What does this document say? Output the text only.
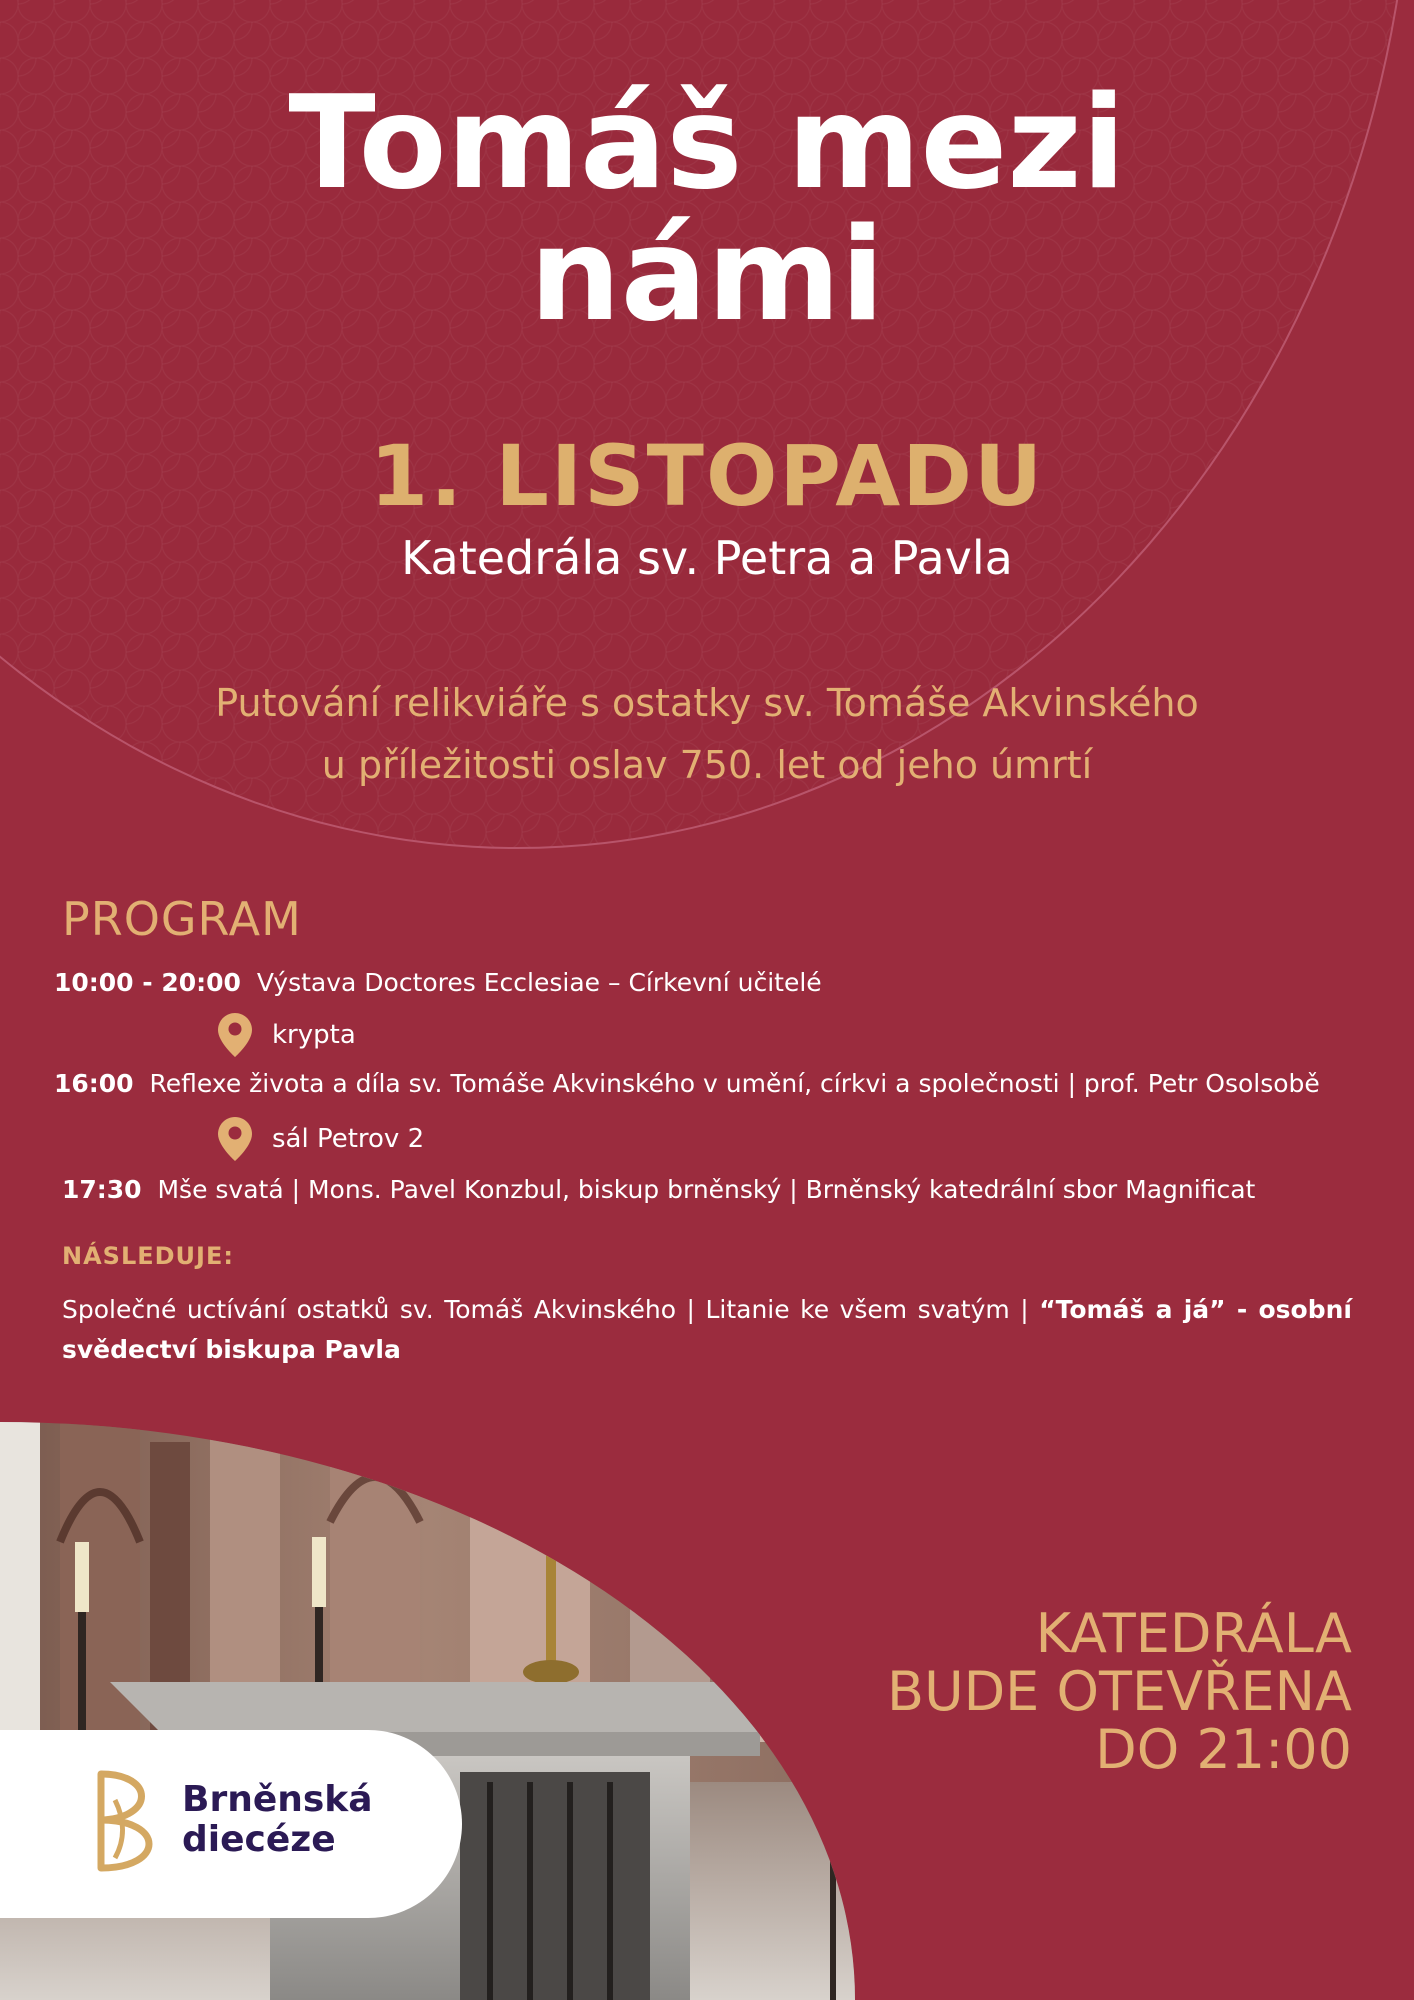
Tomáš mezi
námi
1. LISTOPADU
Katedrála sv. Petra a Pavla
Putování relikviáře s ostatky sv. Tomáše Akvinského
u příležitosti oslav 750. let od jeho úmrtí
PROGRAM
10:00 - 20:00 Výstava Doctores Ecclesiae – Církevní učitelé
krypta
16:00 Reflexe života a díla sv. Tomáše Akvinského v umění, církvi a společnosti | prof. Petr Osolsobě
sál Petrov 2
17:30 Mše svatá | Mons. Pavel Konzbul, biskup brněnský | Brněnský katedrální sbor Magnificat
NÁSLEDUJE:
Společné uctívání ostatků sv. Tomáš Akvinského | Litanie ke všem svatým | “Tomáš a já” - osobní svědectví biskupa Pavla
Brněnská
diecéze
KATEDRÁLA
BUDE OTEVŘENA
DO 21:00
